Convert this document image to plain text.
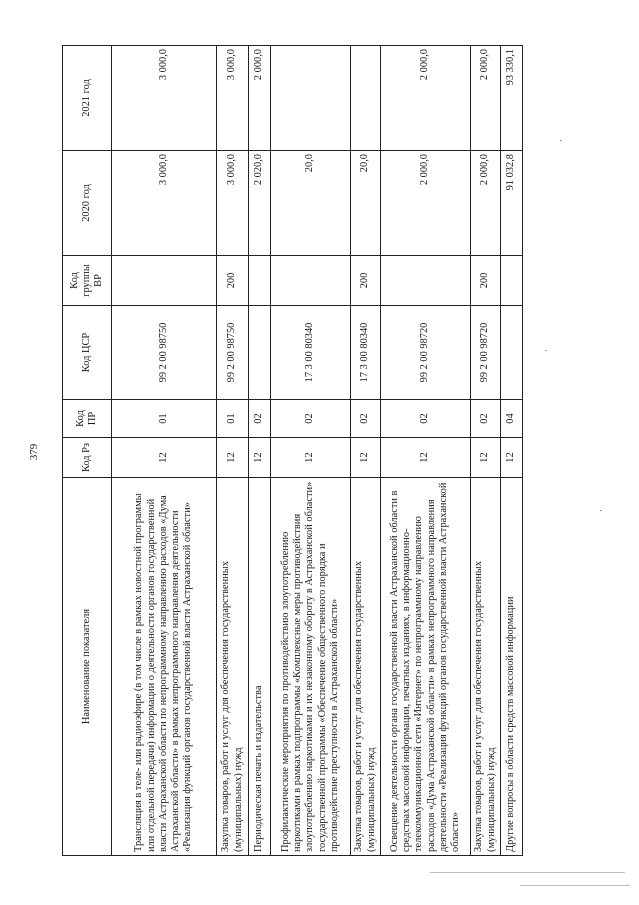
379
Наименование показателя	Код Рз	Код ПР	Код ЦСР	Код группы ВР	2020 год	2021 год
Трансляция в теле- или радиоэфире (в том числе в рамках новостной программы или отдельной передачи) информации о деятельности органов государственной власти Астраханской области по непрограммному направлению расходов «Дума Астраханской области» в рамках непрограммного направления деятельности «Реализация функций органов государственной власти Астраханской области»	12	01	99 2 00 98750		3 000,0	3 000,0
Закупка товаров, работ и услуг для обеспечения государственных (муниципальных) нужд	12	01	99 2 00 98750	200	3 000,0	3 000,0
Периодическая печать и издательства	12	02			2 020,0	2 000,0
Профилактические мероприятия по противодействию злоупотреблению наркотиками в рамках подпрограммы «Комплексные меры противодействия злоупотреблению наркотиками и их незаконному обороту в Астраханской области» государственной программы «Обеспечение общественного порядка и противодействие преступности в Астраханской области»	12	02	17 3 00 80340		20,0	
Закупка товаров, работ и услуг для обеспечения государственных (муниципальных) нужд	12	02	17 3 00 80340	200	20,0	
Освещение деятельности органа государственной власти Астраханской области в средствах массовой информации, печатных изданиях, в информационно-телекоммуникационной сети «Интернет» по непрограммному направлению расходов «Дума Астраханской области» в рамках непрограммного направления деятельности «Реализация функций органов государственной власти Астраханской области»	12	02	99 2 00 98720		2 000,0	2 000,0
Закупка товаров, работ и услуг для обеспечения государственных (муниципальных) нужд	12	02	99 2 00 98720	200	2 000,0	2 000,0
Другие вопросы в области средств массовой информации	12	04			91 032,8	93 330,1
